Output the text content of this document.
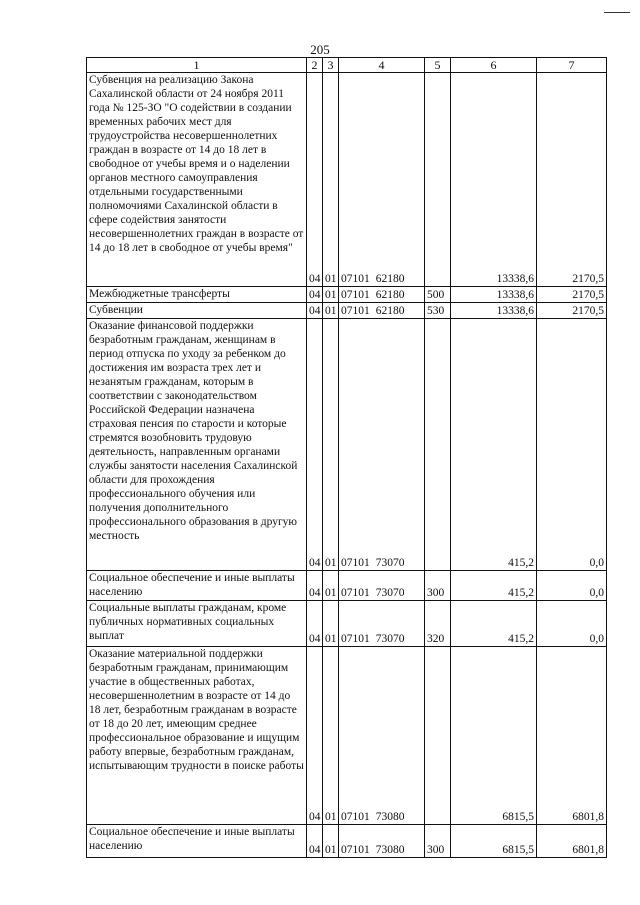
205
1	2	3	4	5	6	7
Субвенция на реализацию Закона Сахалинской области от 24 ноября 2011 года № 125-ЗО "О содействии в создании временных рабочих мест для трудоустройства несовершеннолетних граждан в возрасте от 14 до 18 лет в свободное от учебы время и о наделении органов местного самоуправления отдельными государственными полномочиями Сахалинской области в сфере содействия занятости несовершеннолетних граждан в возрасте от 14 до 18 лет в свободное от учебы время"	04	01	07101 62180		13338,6	2170,5
Межбюджетные трансферты	04	01	07101 62180	500	13338,6	2170,5
Субвенции	04	01	07101 62180	530	13338,6	2170,5
Оказание финансовой поддержки безработным гражданам, женщинам в период отпуска по уходу за ребенком до достижения им возраста трех лет и незанятым гражданам, которым в соответствии с законодательством Российской Федерации назначена страховая пенсия по старости и которые стремятся возобновить трудовую деятельность, направленным органами службы занятости населения Сахалинской области для прохождения профессионального обучения или получения дополнительного профессионального образования в другую местность	04	01	07101 73070		415,2	0,0
Социальное обеспечение и иные выплаты населению	04	01	07101 73070	300	415,2	0,0
Социальные выплаты гражданам, кроме публичных нормативных социальных выплат	04	01	07101 73070	320	415,2	0,0
Оказание материальной поддержки безработным гражданам, принимающим участие в общественных работах, несовершеннолетним в возрасте от 14 до 18 лет, безработным гражданам в возрасте от 18 до 20 лет, имеющим среднее профессиональное образование и ищущим работу впервые, безработным гражданам, испытывающим трудности в поиске работы	04	01	07101 73080		6815,5	6801,8
Социальное обеспечение и иные выплаты населению	04	01	07101 73080	300	6815,5	6801,8
